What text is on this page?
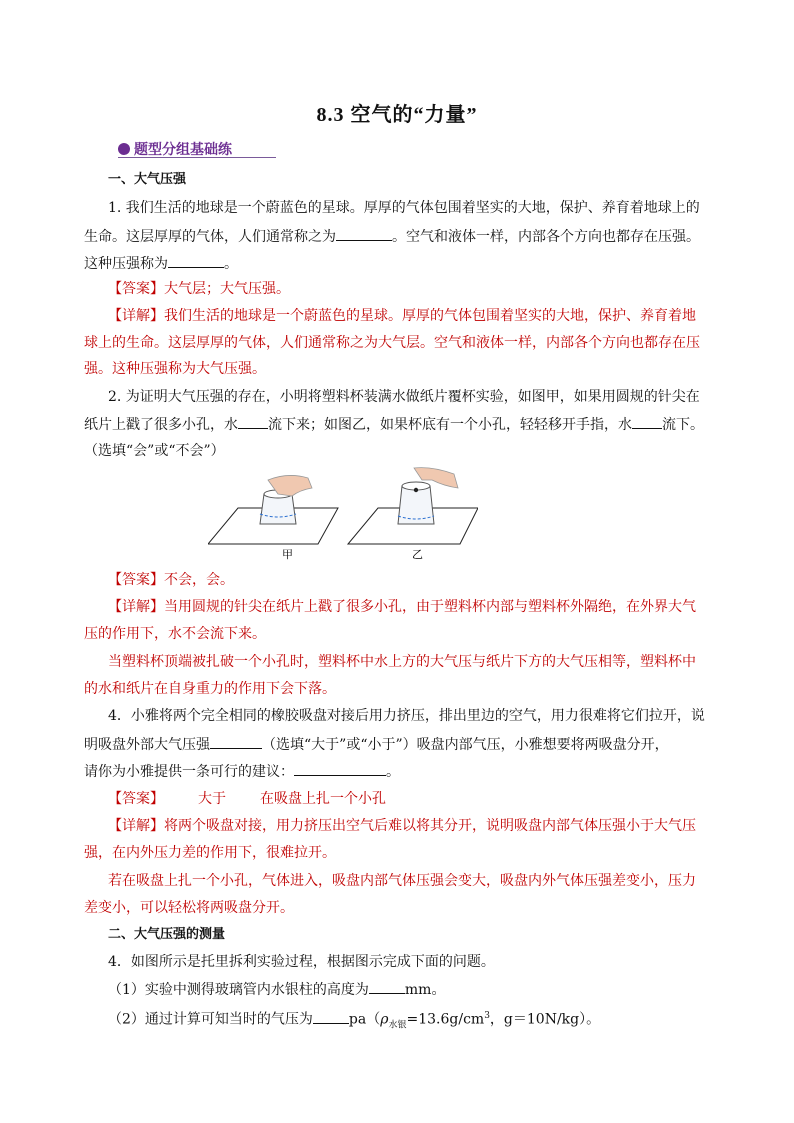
8.3 空气的“力量”
题型分组基础练
一、大气压强
1. 我们生活的地球是一个蔚蓝色的星球。厚厚的气体包围着坚实的大地，保护、养育着地球上的
生命。这层厚厚的气体，人们通常称之为	。空气和液体一样，内部各个方向也都存在压强。
这种压强称为	。
【答案】大气层；大气压强。
【详解】我们生活的地球是一个蔚蓝色的星球。厚厚的气体包围着坚实的大地，保护、养育着地
球上的生命。这层厚厚的气体，人们通常称之为大气层。空气和液体一样，内部各个方向也都存在压
强。这种压强称为大气压强。
2. 为证明大气压强的存在，小明将塑料杯装满水做纸片覆杯实验，如图甲，如果用圆规的针尖在
纸片上戳了很多小孔，水 流下来；如图乙，如果杯底有一个小孔，轻轻移开手指，水 流下。
（选填“会”或“不会”）
甲	乙
【答案】不会，会。
【详解】当用圆规的针尖在纸片上戳了很多小孔，由于塑料杯内部与塑料杯外隔绝，在外界大气
压的作用下，水不会流下来。
当塑料杯顶端被扎破一个小孔时，塑料杯中水上方的大气压与纸片下方的大气压相等，塑料杯中
的水和纸片在自身重力的作用下会下落。
4．小雅将两个完全相同的橡胶吸盘对接后用力挤压，排出里边的空气，用力很难将它们拉开，说
明吸盘外部大气压强	（选填“大于”或“小于”）吸盘内部气压，小雅想要将两吸盘分开，
请你为小雅提供一条可行的建议：	。
【答案】 大于 在吸盘上扎一个小孔
【详解】将两个吸盘对接，用力挤压出空气后难以将其分开，说明吸盘内部气体压强小于大气压
强，在内外压力差的作用下，很难拉开。
若在吸盘上扎一个小孔，气体进入，吸盘内部气体压强会变大，吸盘内外气体压强差变小，压力
差变小，可以轻松将两吸盘分开。
二、大气压强的测量
4．如图所示是托里拆利实验过程，根据图示完成下面的问题。
（1）实验中测得玻璃管内水银柱的高度为	mm。
（2）通过计算可知当时的气压为	$pa(\rho_{水银}=13.6g/cm^3$，g＝10N/kg）。
